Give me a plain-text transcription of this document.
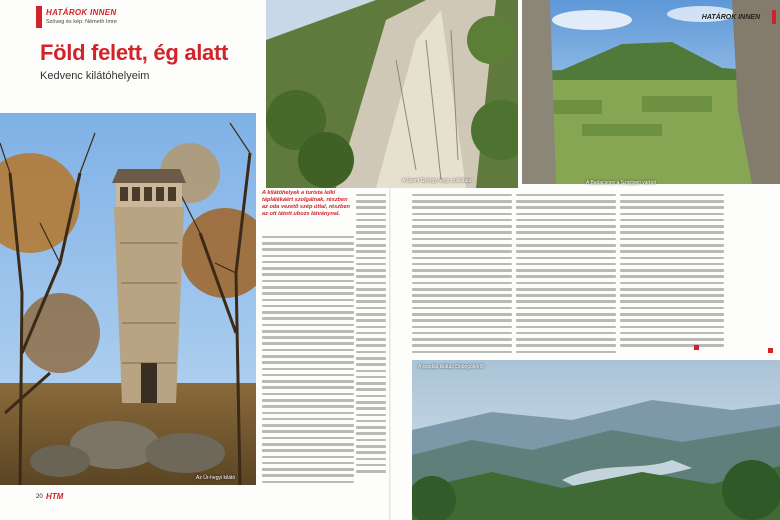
HATÁROK INNEN
Szöveg és kép: Németh Imre
Föld felett, ég alatt
Kedvenc kilátóhelyeim
Az Úr-hegyi kilátó
A Szent György-hegy szikláfala
A kilátóhelyek a turista lelki táplálékáért szolgálnak, részben az oda vezető szép úttal, részben az ott látott ubozs látványnal.
20 HTM
HATÁROK INNEN
A Badacsony a Szigligeti várból
A csodás kilátás Dobogókőről
